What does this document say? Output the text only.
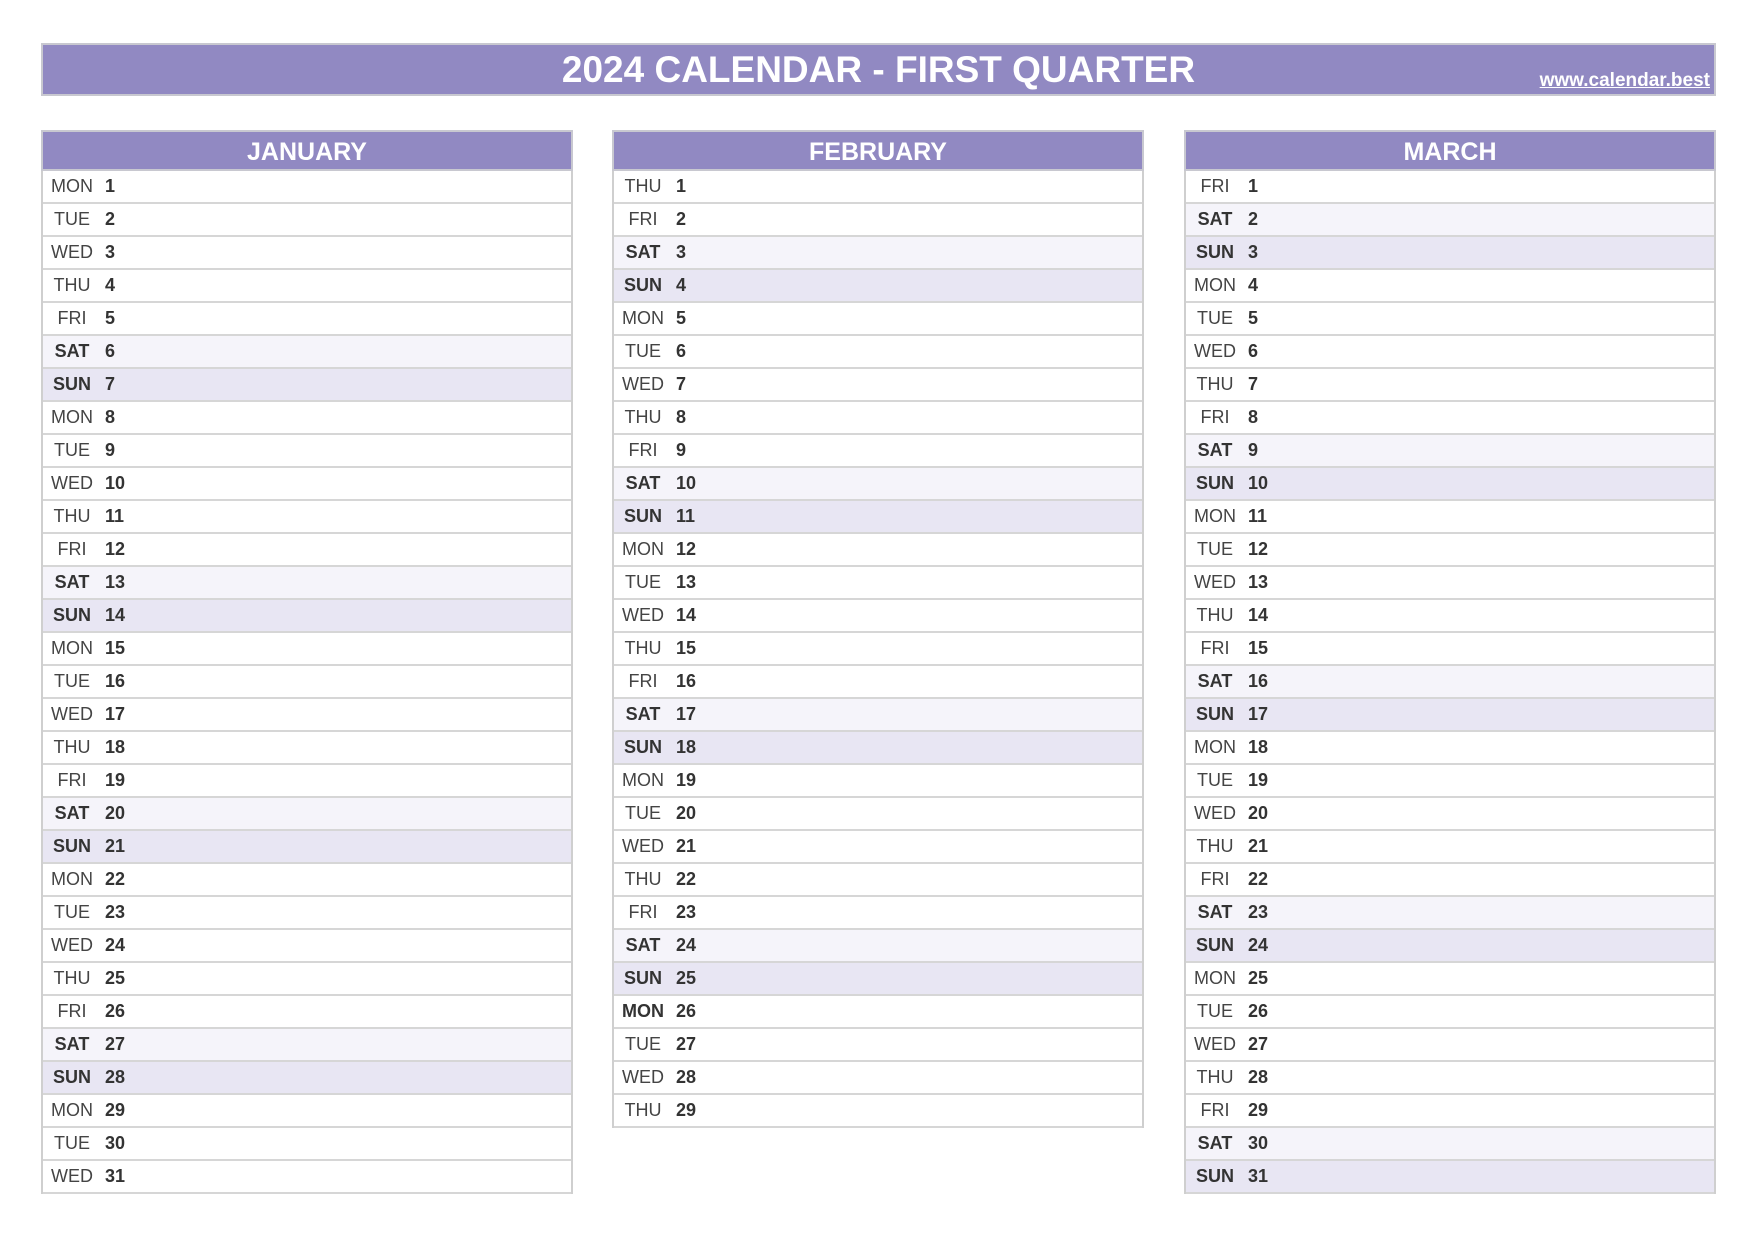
2024 CALENDAR - FIRST QUARTER	www.calendar.best
JANUARY
MON 1
TUE 2
WED 3
THU 4
FRI	5
SAT 6
SUN 7
MON 8
TUE 9
WED 10
THU 11
FRI	12
SAT 13
SUN 14
MON 15
TUE 16
WED 17
THU 18
FRI	19
SAT 20
SUN 21
MON 22
TUE 23
WED 24
THU 25
FRI	26
SAT 27
SUN 28
MON 29
TUE 30
WED 31
FEBRUARY
THU 1
FRI	2
SAT 3
SUN 4
MON 5
TUE 6
WED 7
THU 8
FRI	9
SAT 10
SUN 11
MON 12
TUE 13
WED 14
THU 15
FRI	16
SAT 17
SUN 18
MON 19
TUE 20
WED 21
THU 22
FRI	23
SAT 24
SUN 25
MON 26
TUE 27
WED 28
THU 29
MARCH
FRI	1
SAT 2
SUN 3
MON 4
TUE 5
WED 6
THU 7
FRI	8
SAT 9
SUN 10
MON 11
TUE 12
WED 13
THU 14
FRI	15
SAT 16
SUN 17
MON 18
TUE 19
WED 20
THU 21
FRI	22
SAT 23
SUN 24
MON 25
TUE 26
WED 27
THU 28
FRI	29
SAT 30
SUN 31
